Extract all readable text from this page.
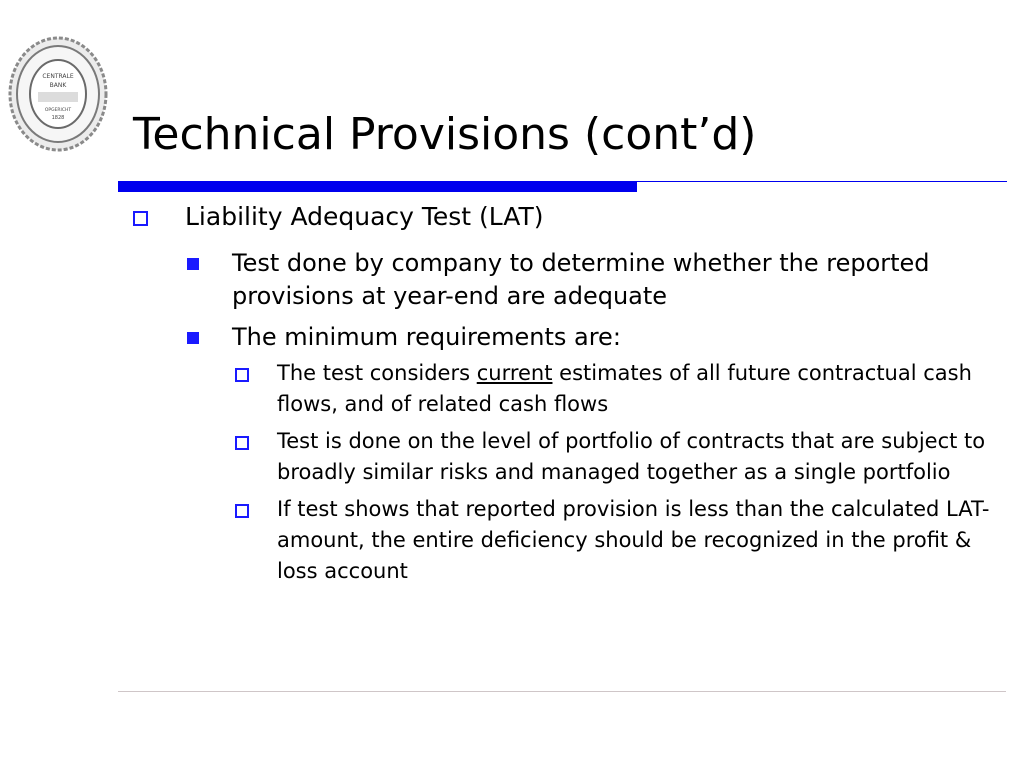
CENTRALE
BANK
OPGERICHT
1828 Technical Provisions (cont’d)
Liability Adequacy Test (LAT)
Test done by company to determine whether the reported provisions at year-end are adequate
The minimum requirements are:
The test considers current estimates of all future contractual cash flows, and of related cash flows
Test is done on the level of portfolio of contracts that are subject to broadly similar risks and managed together as a single portfolio
If test shows that reported provision is less than the calculated LAT-amount, the entire deficiency should be recognized in the profit & loss account
